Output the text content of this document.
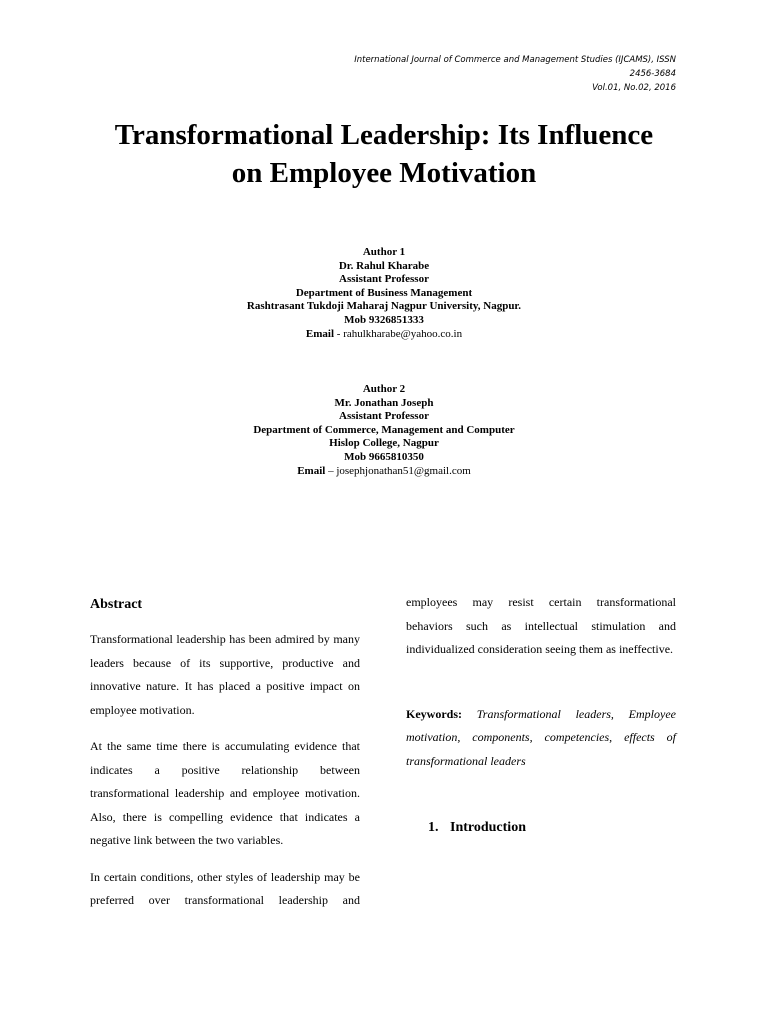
International Journal of Commerce and Management Studies (IJCAMS), ISSN
2456-3684
Vol.01, No.02, 2016
Transformational Leadership: Its Influence
on Employee Motivation
Author 1
Dr. Rahul Kharabe
Assistant Professor
Department of Business Management
Rashtrasant Tukdoji Maharaj Nagpur University, Nagpur.
Mob 9326851333
Email - rahulkharabe@yahoo.co.in
Author 2
Mr. Jonathan Joseph
Assistant Professor
Department of Commerce, Management and Computer
Hislop College, Nagpur
Mob 9665810350
Email – josephjonathan51@gmail.com

Abstract

Transformational leadership has been admired by many leaders because of its supportive, productive and innovative nature. It has placed a positive impact on employee motivation.

At the same time there is accumulating evidence that indicates a positive relationship between transformational leadership and employee motivation. Also, there is compelling evidence that indicates a negative link between the two variables.

In certain conditions, other styles of leadership may be preferred over transformational leadership and

employees may resist certain transformational behaviors such as intellectual stimulation and individualized consideration seeing them as ineffective.

Keywords: Transformational leaders, Employee motivation, components, competencies, effects of transformational leaders

1. Introduction
